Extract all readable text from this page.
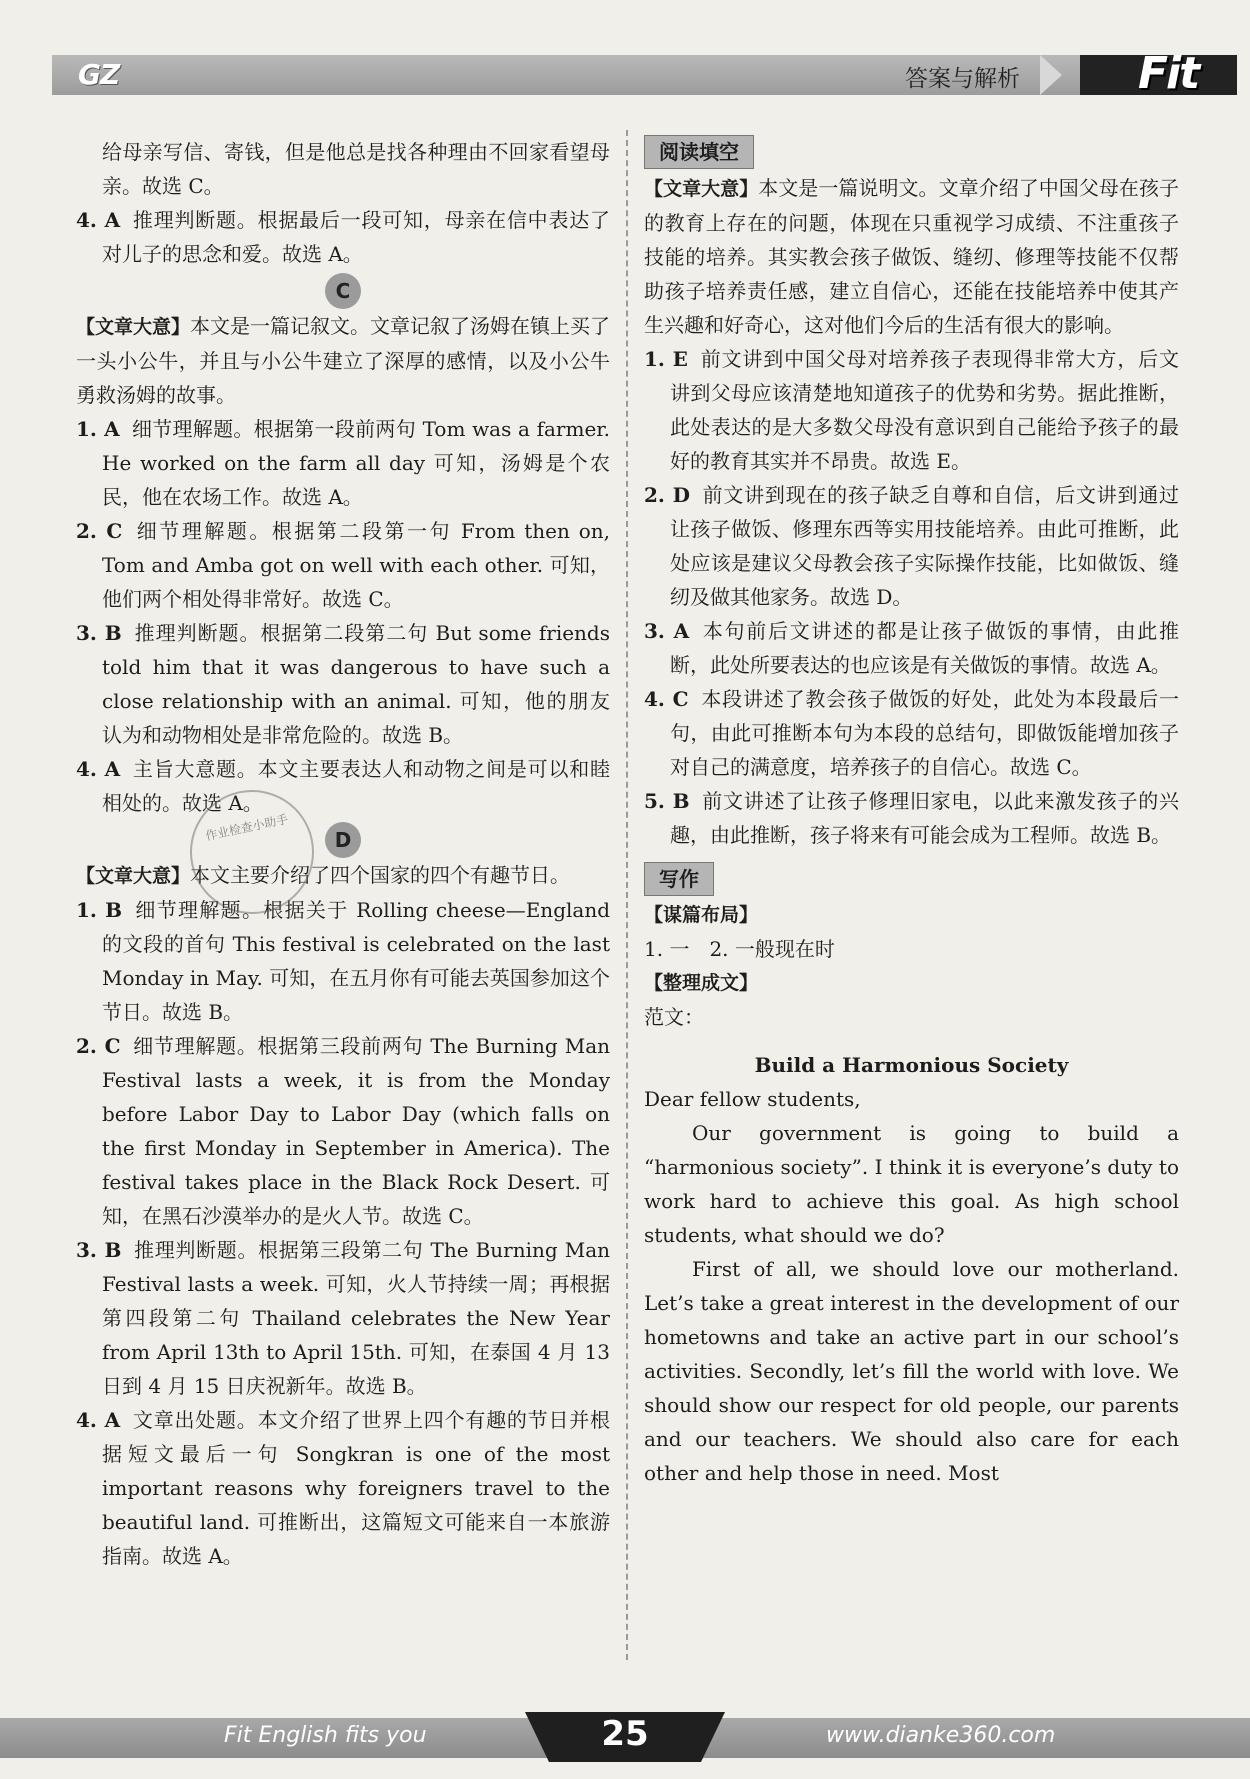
GZ	答案与解析	Fit

给母亲写信、寄钱，但是他总是找各种理由不回家看望母亲。故选 C。

4. A 推理判断题。根据最后一段可知，母亲在信中表达了对儿子的思念和爱。故选 A。

C

【文章大意】本文是一篇记叙文。文章记叙了汤姆在镇上买了一头小公牛，并且与小公牛建立了深厚的感情，以及小公牛勇救汤姆的故事。

1. A 细节理解题。根据第一段前两句 Tom was a farmer. He worked on the farm all day 可知，汤姆是个农民，他在农场工作。故选 A。

2. C 细节理解题。根据第二段第一句 From then on, Tom and Amba got on well with each other. 可知，他们两个相处得非常好。故选 C。

3. B 推理判断题。根据第二段第二句 But some friends told him that it was dangerous to have such a close relationship with an animal. 可知，他的朋友认为和动物相处是非常危险的。故选 B。

4. A 主旨大意题。本文主要表达人和动物之间是可以和睦相处的。故选 A。

D

【文章大意】本文主要介绍了四个国家的四个有趣节日。

1. B 细节理解题。根据关于 Rolling cheese—England 的文段的首句 This festival is celebrated on the last Monday in May. 可知，在五月你有可能去英国参加这个节日。故选 B。

2. C 细节理解题。根据第三段前两句 The Burning Man Festival lasts a week, it is from the Monday before Labor Day to Labor Day (which falls on the first Monday in September in America). The festival takes place in the Black Rock Desert. 可知，在黑石沙漠举办的是火人节。故选 C。

3. B 推理判断题。根据第三段第二句 The Burning Man Festival lasts a week. 可知，火人节持续一周；再根据第四段第二句 Thailand celebrates the New Year from April 13th to April 15th. 可知，在泰国 4 月 13 日到 4 月 15 日庆祝新年。故选 B。

4. A 文章出处题。本文介绍了世界上四个有趣的节日并根据短文最后一句 Songkran is one of the most important reasons why foreigners travel to the beautiful land. 可推断出，这篇短文可能来自一本旅游指南。故选 A。

作业检查小助手
阅读填空

【文章大意】本文是一篇说明文。文章介绍了中国父母在孩子的教育上存在的问题，体现在只重视学习成绩、不注重孩子技能的培养。其实教会孩子做饭、缝纫、修理等技能不仅帮助孩子培养责任感，建立自信心，还能在技能培养中使其产生兴趣和好奇心，这对他们今后的生活有很大的影响。

1. E 前文讲到中国父母对培养孩子表现得非常大方，后文讲到父母应该清楚地知道孩子的优势和劣势。据此推断，此处表达的是大多数父母没有意识到自己能给予孩子的最好的教育其实并不昂贵。故选 E。

2. D 前文讲到现在的孩子缺乏自尊和自信，后文讲到通过让孩子做饭、修理东西等实用技能培养。由此可推断，此处应该是建议父母教会孩子实际操作技能，比如做饭、缝纫及做其他家务。故选 D。

3. A 本句前后文讲述的都是让孩子做饭的事情，由此推断，此处所要表达的也应该是有关做饭的事情。故选 A。

4. C 本段讲述了教会孩子做饭的好处，此处为本段最后一句，由此可推断本句为本段的总结句，即做饭能增加孩子对自己的满意度，培养孩子的自信心。故选 C。

5. B 前文讲述了让孩子修理旧家电，以此来激发孩子的兴趣，由此推断，孩子将来有可能会成为工程师。故选 B。

写作

【谋篇布局】

1. 一　2. 一般现在时

【整理成文】

范文：

Build a Harmonious Society

Dear fellow students,

Our government is going to build a “harmonious society”. I think it is everyone’s duty to work hard to achieve this goal. As high school students, what should we do?

First of all, we should love our motherland. Let’s take a great interest in the development of our hometowns and take an active part in our school’s activities. Secondly, let’s fill the world with love. We should show our respect for old people, our parents and our teachers. We should also care for each other and help those in need. Most

Fit English fits you	25	www.dianke360.com
